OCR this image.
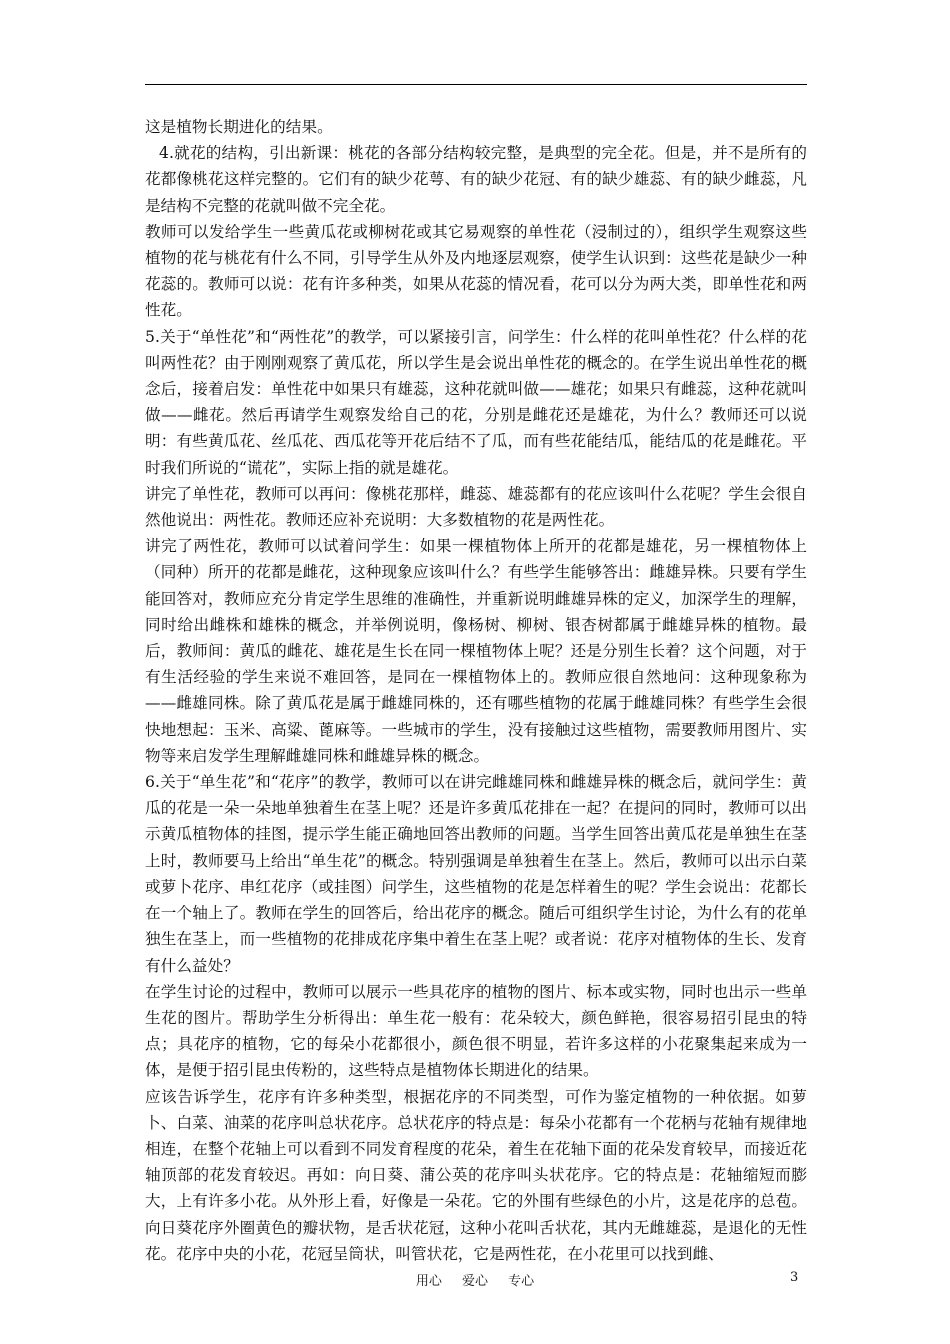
这是植物长期进化的结果。

4.就花的结构，引出新课：桃花的各部分结构较完整，是典型的完全花。但是，并不是所有的花都像桃花这样完整的。它们有的缺少花萼、有的缺少花冠、有的缺少雄蕊、有的缺少雌蕊，凡是结构不完整的花就叫做不完全花。

教师可以发给学生一些黄瓜花或柳树花或其它易观察的单性花（浸制过的），组织学生观察这些植物的花与桃花有什么不同，引导学生从外及内地逐层观察，使学生认识到：这些花是缺少一种花蕊的。教师可以说：花有许多种类，如果从花蕊的情况看，花可以分为两大类，即单性花和两性花。

5.关于“单性花”和“两性花”的教学，可以紧接引言，问学生：什么样的花叫单性花？什么样的花叫两性花？由于刚刚观察了黄瓜花，所以学生是会说出单性花的概念的。在学生说出单性花的概念后，接着启发：单性花中如果只有雄蕊，这种花就叫做——雄花；如果只有雌蕊，这种花就叫做——雌花。然后再请学生观察发给自己的花，分别是雌花还是雄花，为什么？教师还可以说明：有些黄瓜花、丝瓜花、西瓜花等开花后结不了瓜，而有些花能结瓜，能结瓜的花是雌花。平时我们所说的“谎花”，实际上指的就是雄花。

讲完了单性花，教师可以再问：像桃花那样，雌蕊、雄蕊都有的花应该叫什么花呢？学生会很自然他说出：两性花。教师还应补充说明：大多数植物的花是两性花。

讲完了两性花，教师可以试着问学生：如果一棵植物体上所开的花都是雄花，另一棵植物体上（同种）所开的花都是雌花，这种现象应该叫什么？有些学生能够答出：雌雄异株。只要有学生能回答对，教师应充分肯定学生思维的准确性，并重新说明雌雄异株的定义，加深学生的理解，同时给出雌株和雄株的概念，并举例说明，像杨树、柳树、银杏树都属于雌雄异株的植物。最后，教师间：黄瓜的雌花、雄花是生长在同一棵植物体上呢？还是分别生长着？这个问题，对于有生活经验的学生来说不难回答，是同在一棵植物体上的。教师应很自然地问：这种现象称为——雌雄同株。除了黄瓜花是属于雌雄同株的，还有哪些植物的花属于雌雄同株？有些学生会很快地想起：玉米、高粱、蓖麻等。一些城市的学生，没有接触过这些植物，需要教师用图片、实物等来启发学生理解雌雄同株和雌雄异株的概念。

6.关于“单生花”和“花序”的教学，教师可以在讲完雌雄同株和雌雄异株的概念后，就问学生：黄瓜的花是一朵一朵地单独着生在茎上呢？还是许多黄瓜花排在一起？在提问的同时，教师可以出示黄瓜植物体的挂图，提示学生能正确地回答出教师的问题。当学生回答出黄瓜花是单独生在茎上时，教师要马上给出“单生花”的概念。特别强调是单独着生在茎上。然后，教师可以出示白菜或萝卜花序、串红花序（或挂图）问学生，这些植物的花是怎样着生的呢？学生会说出：花都长在一个轴上了。教师在学生的回答后，给出花序的概念。随后可组织学生讨论，为什么有的花单独生在茎上，而一些植物的花排成花序集中着生在茎上呢？或者说：花序对植物体的生长、发育有什么益处？

在学生讨论的过程中，教师可以展示一些具花序的植物的图片、标本或实物，同时也出示一些单生花的图片。帮助学生分析得出：单生花一般有：花朵较大，颜色鲜艳，很容易招引昆虫的特点；具花序的植物，它的每朵小花都很小，颜色很不明显，若许多这样的小花聚集起来成为一体，是便于招引昆虫传粉的，这些特点是植物体长期进化的结果。

应该告诉学生，花序有许多种类型，根据花序的不同类型，可作为鉴定植物的一种依据。如萝卜、白菜、油菜的花序叫总状花序。总状花序的特点是：每朵小花都有一个花柄与花轴有规律地相连，在整个花轴上可以看到不同发育程度的花朵，着生在花轴下面的花朵发育较早，而接近花轴顶部的花发育较迟。再如：向日葵、蒲公英的花序叫头状花序。它的特点是：花轴缩短而膨大，上有许多小花。从外形上看，好像是一朵花。它的外围有些绿色的小片，这是花序的总苞。向日葵花序外圈黄色的瓣状物，是舌状花冠，这种小花叫舌状花，其内无雌雄蕊，是退化的无性花。花序中央的小花，花冠呈筒状，叫管状花，它是两性花，在小花里可以找到雌、

用心 爱心 专心	3
